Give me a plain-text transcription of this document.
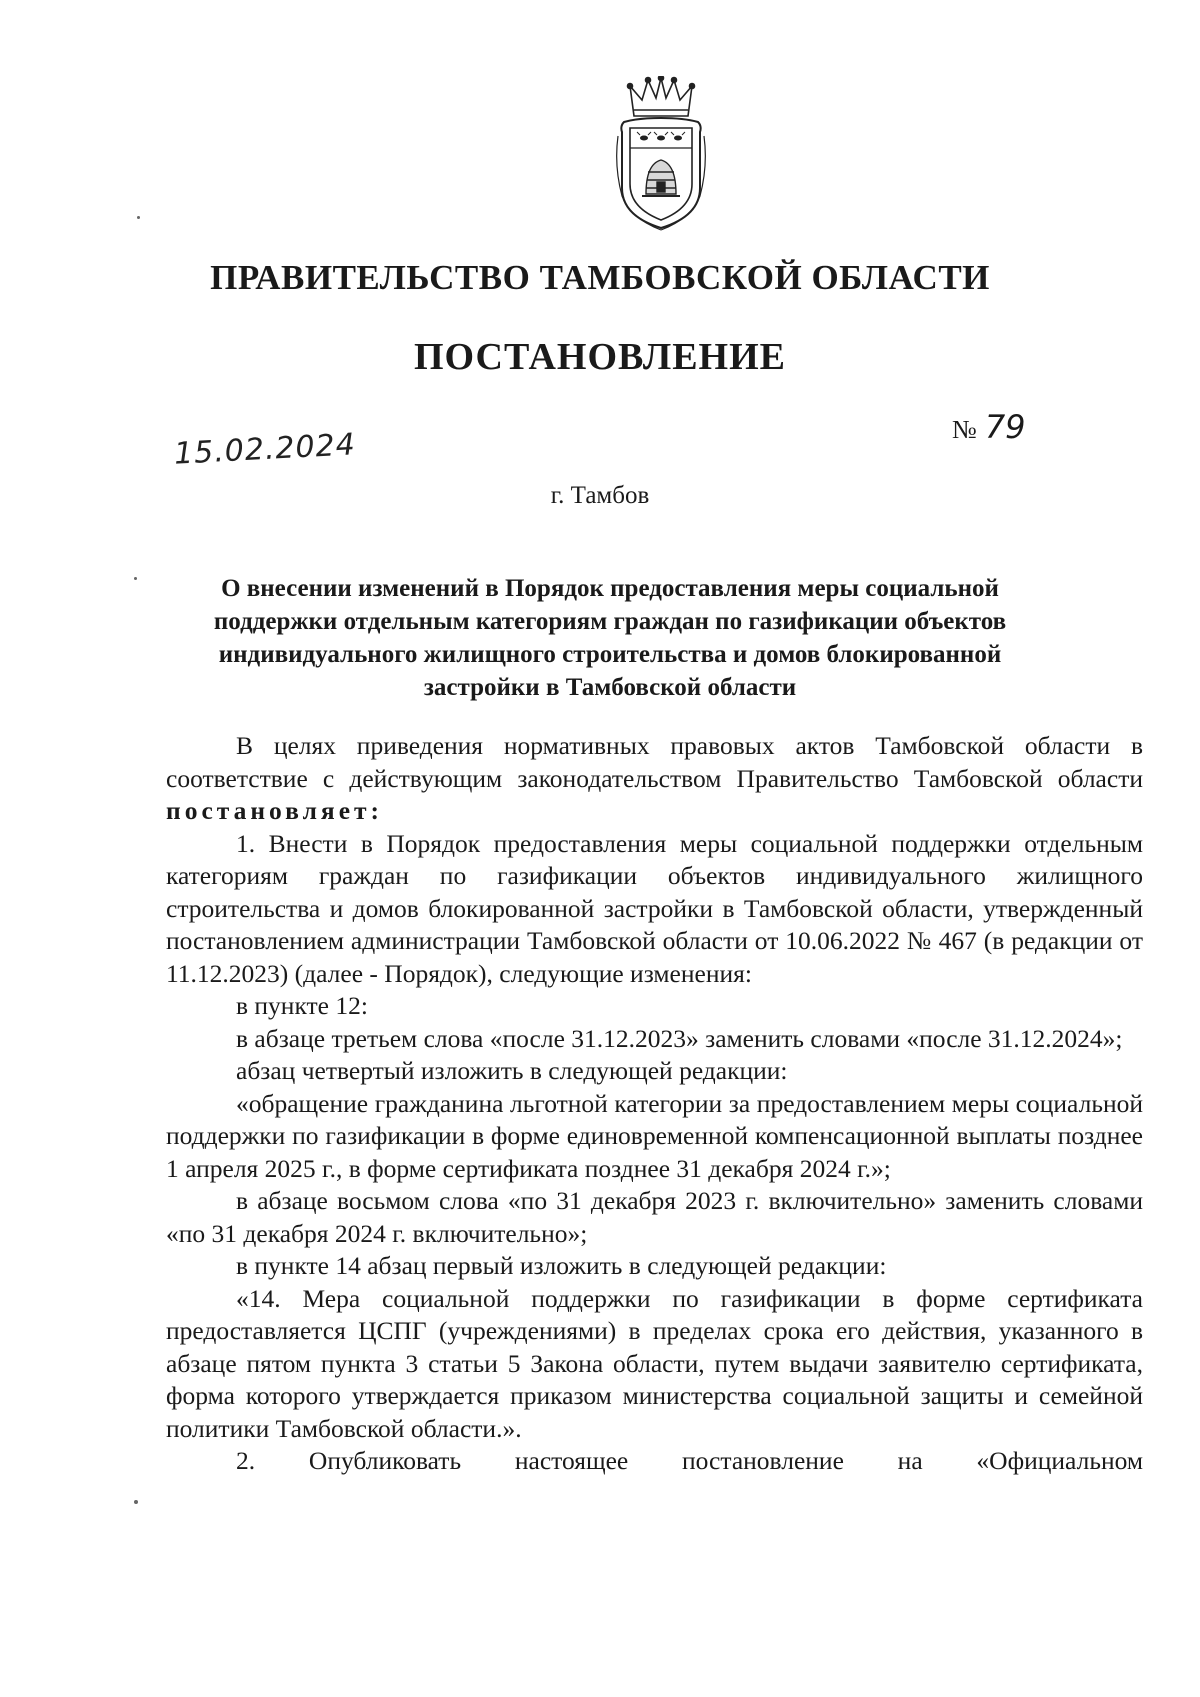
ПРАВИТЕЛЬСТВО ТАМБОВСКОЙ ОБЛАСТИ
ПОСТАНОВЛЕНИЕ
15.02.2024	№ 79
г. Тамбов

О внесении изменений в Порядок предоставления меры социальной поддержки отдельным категориям граждан по газификации объектов индивидуального жилищного строительства и домов блокированной застройки в Тамбовской области

В целях приведения нормативных правовых актов Тамбовской области в соответствие с действующим законодательством Правительство Тамбовской области постановляет:

1. Внести в Порядок предоставления меры социальной поддержки отдельным категориям граждан по газификации объектов индивидуального жилищного строительства и домов блокированной застройки в Тамбовской области, утвержденный постановлением администрации Тамбовской области от 10.06.2022 № 467 (в редакции от 11.12.2023) (далее - Порядок), следующие изменения:

в пункте 12:

в абзаце третьем слова «после 31.12.2023» заменить словами «после 31.12.2024»;

абзац четвертый изложить в следующей редакции:

«обращение гражданина льготной категории за предоставлением меры социальной поддержки по газификации в форме единовременной компенсационной выплаты позднее 1 апреля 2025 г., в форме сертификата позднее 31 декабря 2024 г.»;

в абзаце восьмом слова «по 31 декабря 2023 г. включительно» заменить словами «по 31 декабря 2024 г. включительно»;

в пункте 14 абзац первый изложить в следующей редакции:

«14. Мера социальной поддержки по газификации в форме сертификата предоставляется ЦСПГ (учреждениями) в пределах срока его действия, указанного в абзаце пятом пункта 3 статьи 5 Закона области, путем выдачи заявителю сертификата, форма которого утверждается приказом министерства социальной защиты и семейной политики Тамбовской области.».

2. Опубликовать настоящее постановление на «Официальном
